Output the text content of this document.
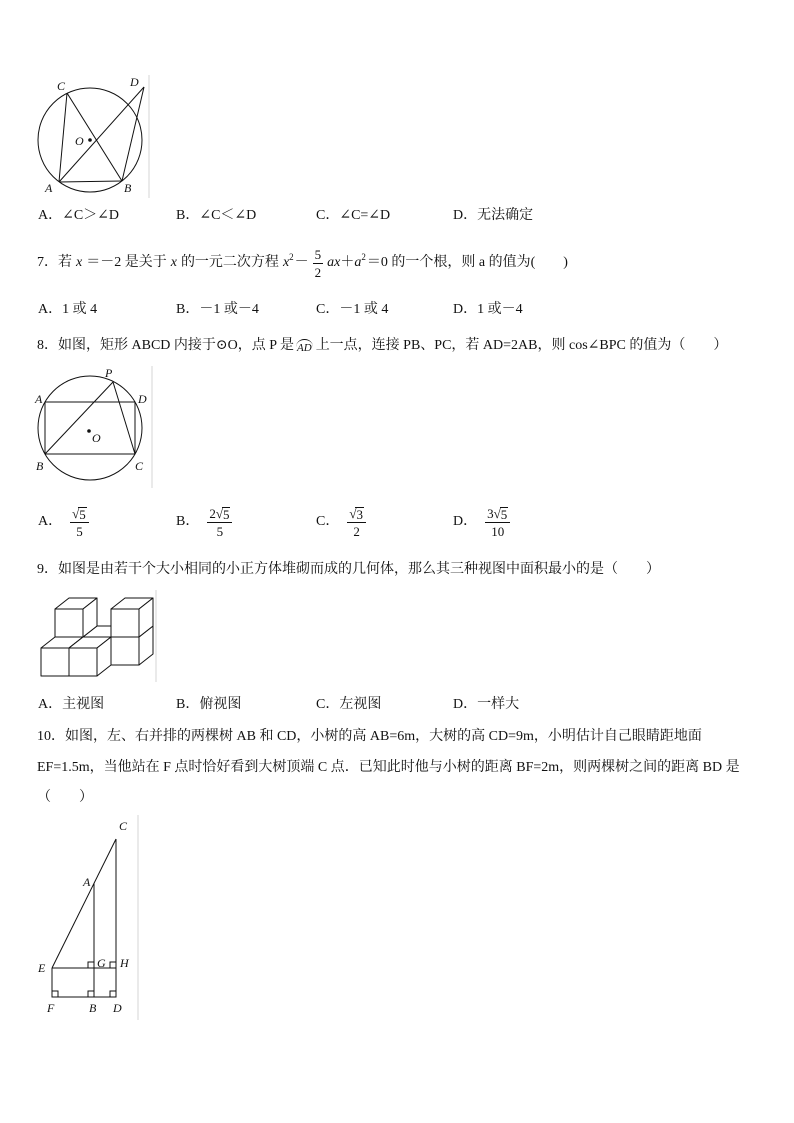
C	D
O
A	B
A．∠C＞∠D	B．∠C＜∠D	C．∠C=∠D	D．无法确定
7．若 x ＝－2 是关于 x 的一元二次方程 x $2 - \frac{5}{2}$ ax ＋ a 2 ＝0 的一个根，则 a 的值为(　　)
A．1 或 4	B．－1 或－4	C．－1 或 4	D．1 或－4
8．如图，矩形 ABCD 内接于⊙O，点 P 是 AD 上一点，连接 PB、PC，若 AD=2AB，则 cos∠BPC 的值为（　　）
A
P
D
O
B	C
A． $\frac{√ 5}{5}$	B． $\frac{2 √ 5}{5}$	C． $\frac{√ 3}{2}$	D． $\frac{3 √ 5}{10}$
9．如图是由若干个大小相同的小正方体堆砌而成的几何体，那么其三种视图中面积最小的是（　　）
A．主视图	B．俯视图	C．左视图	D．一样大
10．如图，左、右并排的两棵树 AB 和 CD，小树的高 AB=6m，大树的高 CD=9m，小明估计自己眼睛距地面
EF=1.5m，当他站在 F 点时恰好看到大树顶端 C 点．已知此时他与小树的距离 BF=2m，则两棵树之间的距离 BD 是
（　　）
C
A
E	G H
F	B D
